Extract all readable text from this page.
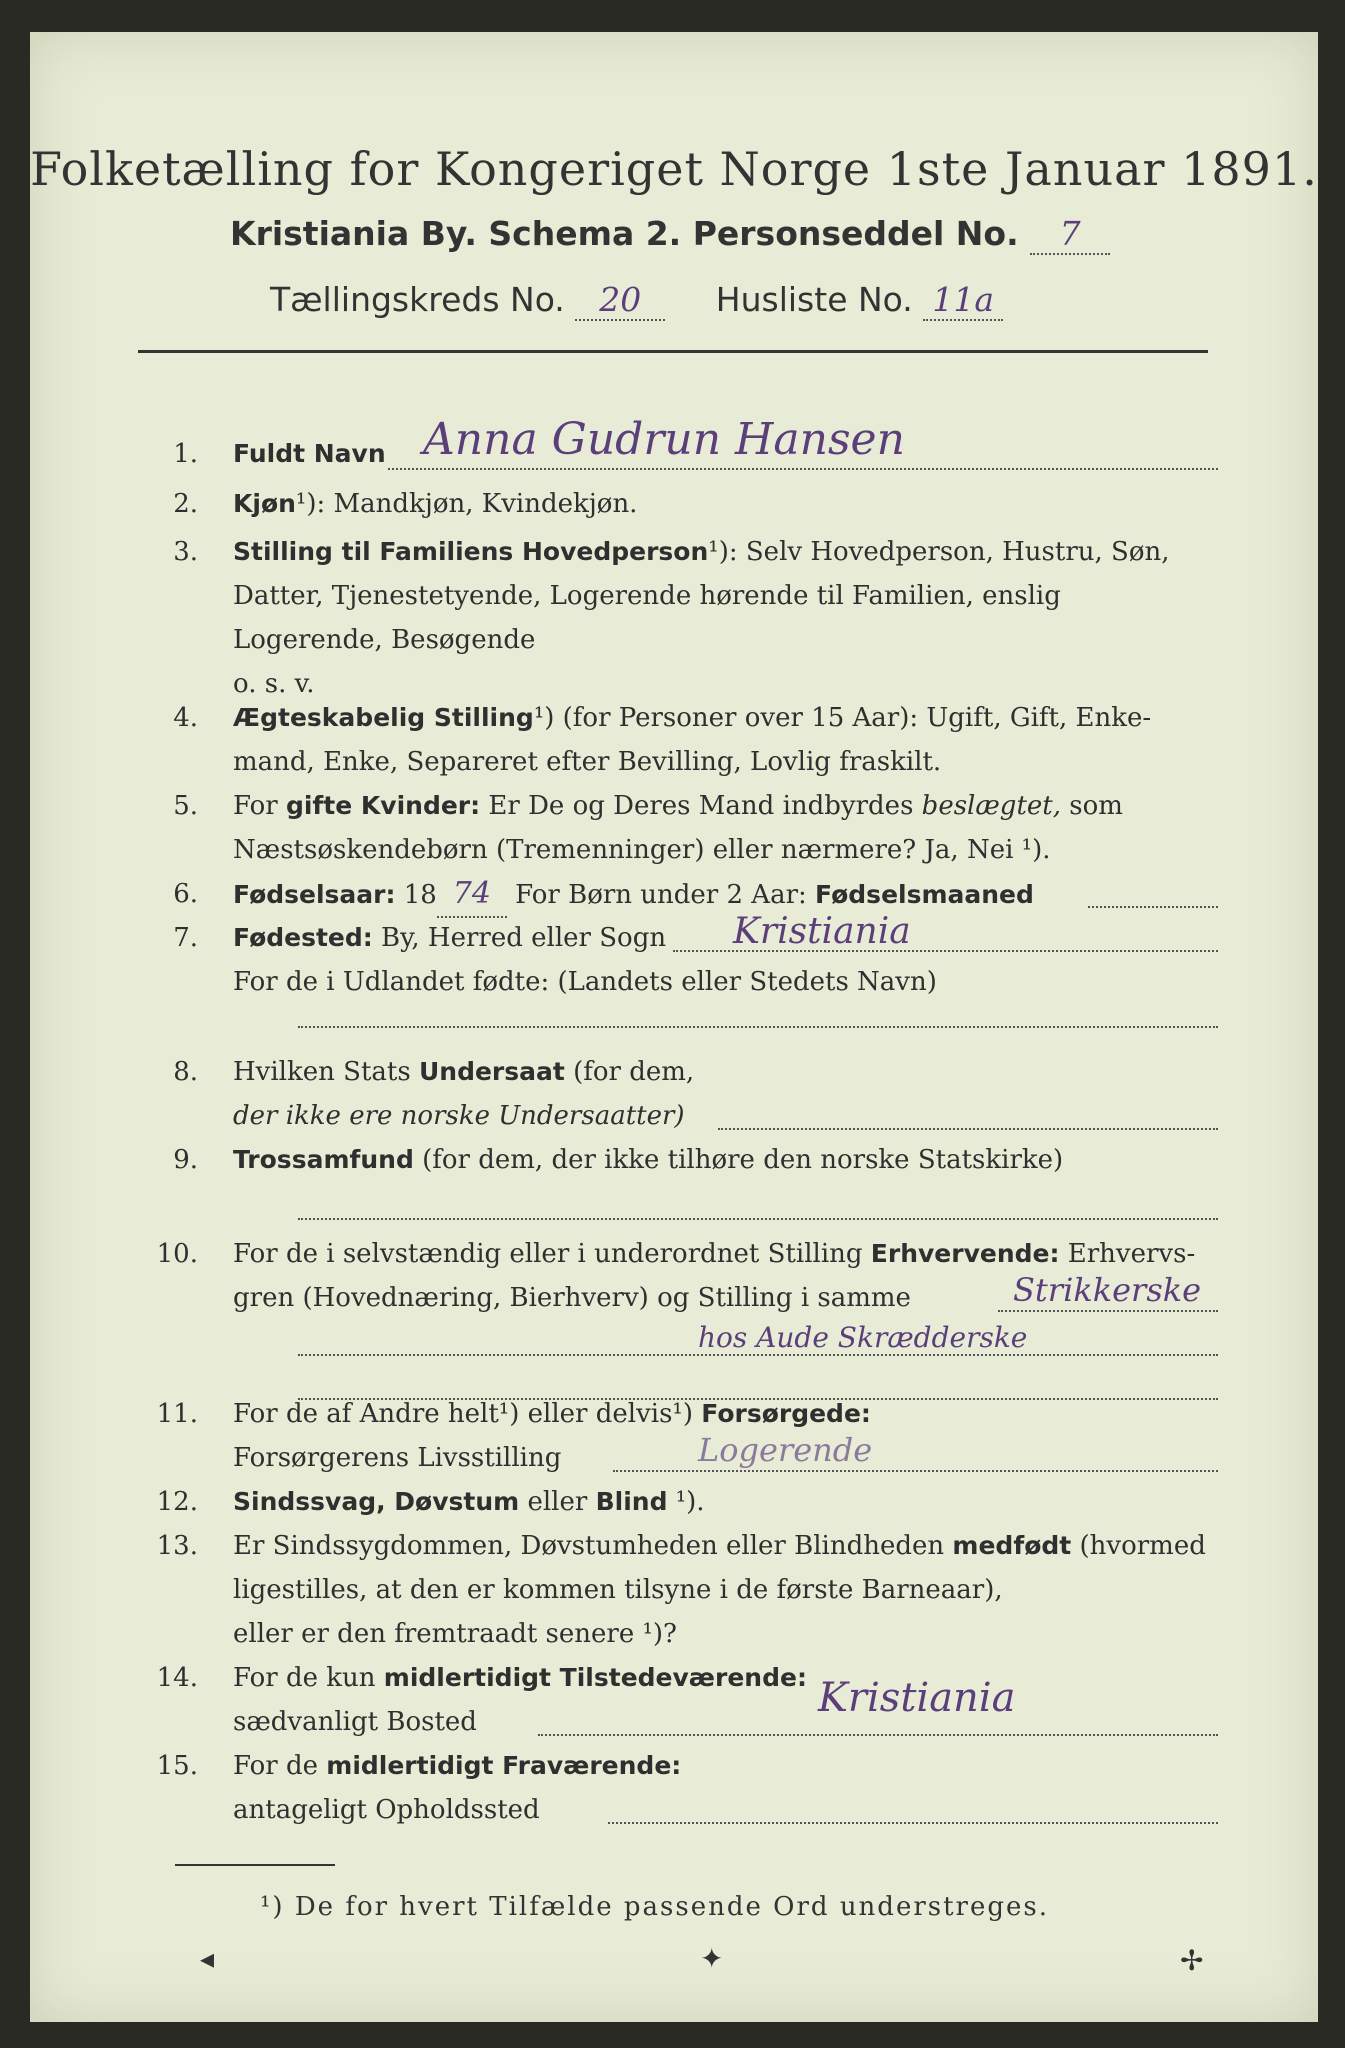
Folketælling for Kongeriget Norge 1ste Januar 1891.
Kristiania By. Schema 2. Personseddel No. 7
Tællingskreds No. 20 Husliste No. 11a
1. Fuldt Navn Anna Gudrun Hansen
2. Kjøn¹): Mandkjøn, Kvindekjøn.
3. Stilling til Familiens Hovedperson¹): Selv Hovedperson, Hustru, Søn,
Datter, Tjenestetyende, Logerende hørende til Familien, enslig
Logerende, Besøgende
o. s. v.
4. Ægteskabelig Stilling¹) (for Personer over 15 Aar): Ugift, Gift, Enke-
mand, Enke, Separeret efter Bevilling, Lovlig fraskilt.
5. For gifte Kvinder: Er De og Deres Mand indbyrdes beslægtet, som
Næstsøskendebørn (Tremenninger) eller nærmere? Ja, Nei ¹).
6. Fødselsaar: 18 74 For Børn under 2 Aar: Fødselsmaaned
7. Fødested: By, Herred eller Sogn Kristiania
For de i Udlandet fødte: (Landets eller Stedets Navn)
8. Hvilken Stats Undersaat (for dem,
der ikke ere norske Undersaatter)
9. Trossamfund (for dem, der ikke tilhøre den norske Statskirke)
10. For de i selvstændig eller i underordnet Stilling Erhvervende: Erhvervs-
gren (Hovednæring, Bierhverv) og Stilling i samme	Strikkerske
hos Aude Skrædderske
11. For de af Andre helt¹) eller delvis¹) Forsørgede:
Forsørgerens Livsstilling	Logerende
12. Sindssvag, Døvstum eller Blind ¹).
13. Er Sindssygdommen, Døvstumheden eller Blindheden medfødt (hvormed
ligestilles, at den er kommen tilsyne i de første Barneaar),
eller er den fremtraadt senere ¹)?
14. For de kun midlertidigt Tilstedeværende:
sædvanligt Bosted
Kristiania
15. For de midlertidigt Fraværende:
antageligt Opholdssted
¹) De for hvert Tilfælde passende Ord understreges.
◂	✦	✢
